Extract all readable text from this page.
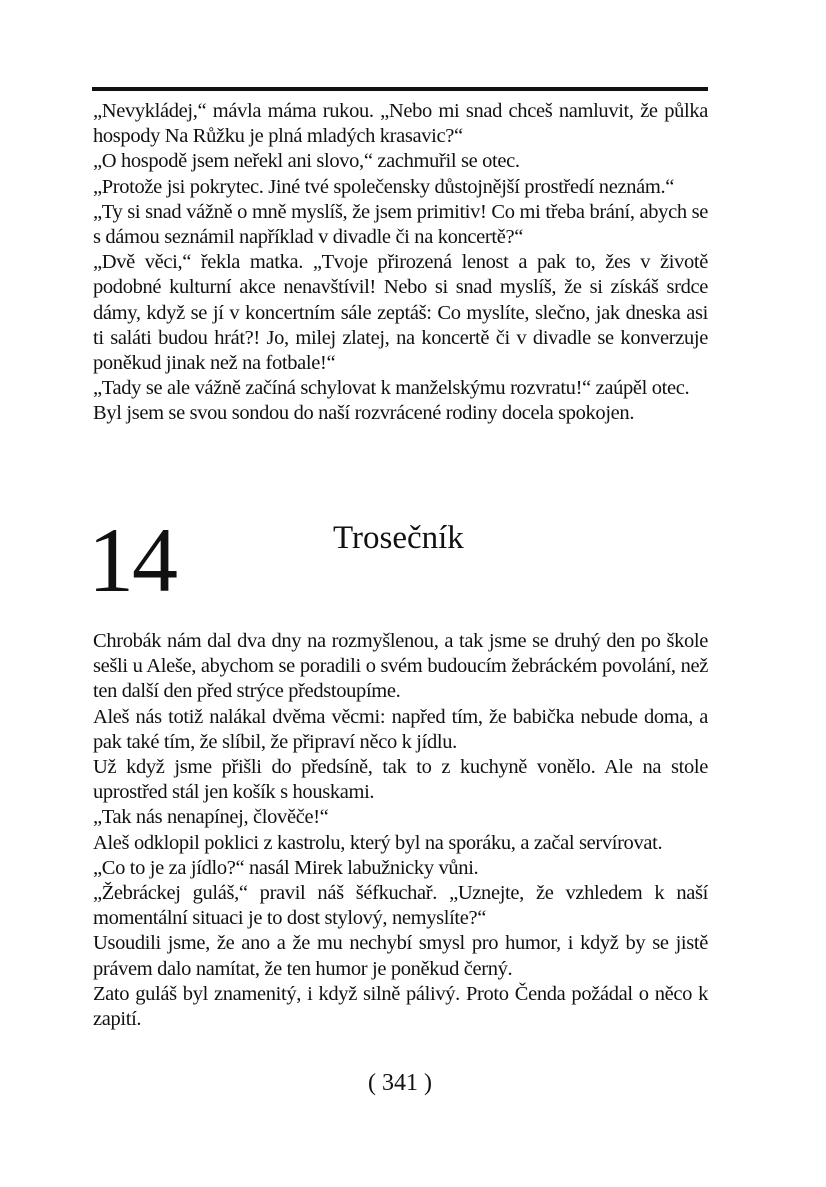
„Nevykládej,“ mávla máma rukou. „Nebo mi snad chceš namluvit, že půlka hospody Na Růžku je plná mladých krasavic?“

„O hospodě jsem neřekl ani slovo,“ zachmuřil se otec.

„Protože jsi pokrytec. Jiné tvé společensky důstojnější prostředí neznám.“

„Ty si snad vážně o mně myslíš, že jsem primitiv! Co mi třeba brání, abych se s dámou seznámil například v divadle či na koncertě?“

„Dvě věci,“ řekla matka. „Tvoje přirozená lenost a pak to, žes v životě podobné kulturní akce nenavštívil! Nebo si snad myslíš, že si získáš srdce dámy, když se jí v koncertním sále zeptáš: Co myslíte, slečno, jak dneska asi ti saláti budou hrát?! Jo, milej zlatej, na koncertě či v divadle se konverzuje poněkud jinak než na fotbale!“

„Tady se ale vážně začíná schylovat k manželskýmu rozvratu!“ zaúpěl otec.

Byl jsem se svou sondou do naší rozvrácené rodiny docela spokojen.

14	Trosečník

Chrobák nám dal dva dny na rozmyšlenou, a tak jsme se druhý den po škole sešli u Aleše, abychom se poradili o svém budoucím žebráckém povolání, než ten další den před strýce předstoupíme.

Aleš nás totiž nalákal dvěma věcmi: napřed tím, že babička nebude doma, a pak také tím, že slíbil, že připraví něco k jídlu.

Už když jsme přišli do předsíně, tak to z kuchyně vonělo. Ale na stole uprostřed stál jen košík s houskami.

„Tak nás nenapínej, člověče!“

Aleš odklopil poklici z kastrolu, který byl na sporáku, a začal servírovat.

„Co to je za jídlo?“ nasál Mirek labužnicky vůni.

„Žebráckej guláš,“ pravil náš šéfkuchař. „Uznejte, že vzhledem k naší momentální situaci je to dost stylový, nemyslíte?“

Usoudili jsme, že ano a že mu nechybí smysl pro humor, i když by se jistě právem dalo namítat, že ten humor je poněkud černý.

Zato guláš byl znamenitý, i když silně pálivý. Proto Čenda požádal o něco k zapití.

( 341 )
